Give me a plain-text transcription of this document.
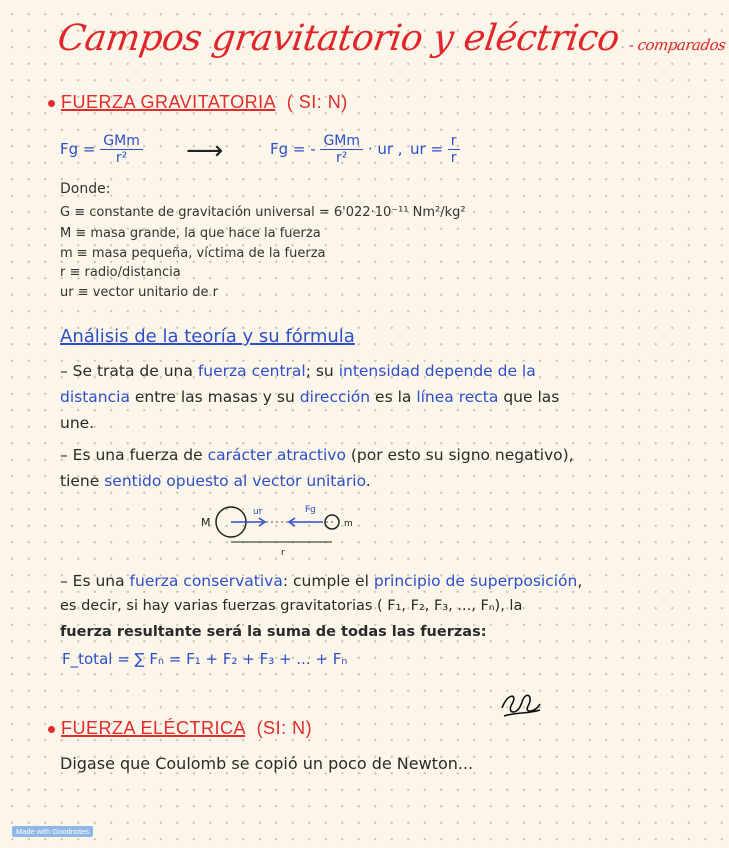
Campos gravitatorio y eléctrico - comparados
FUERZA GRAVITATORIA ( SI: N)
$Fg = \frac{\text{GMm}}{\text{r²}}$ ⟶	Fg = - $\frac{\text{GMm}}{\text{r²}}$ · ur , ur = $\frac{r}{r}$
Donde:
G ≡ constante de gravitación universal = 6'022·10⁻¹¹ Nm²/kg²
M ≡ masa grande, la que hace la fuerza
m ≡ masa pequeña, víctima de la fuerza
r ≡ radio/distancia
ur ≡ vector unitario de r
Análisis de la teoría y su fórmula
– Se trata de una fuerza central; su intensidad depende de la
distancia entre las masas y su dirección es la línea recta que las
une.
– Es una fuerza de carácter atractivo (por esto su signo negativo),
tiene sentido opuesto al vector unitario.
M
ur	Fg
m
r
– Es una fuerza conservativa: cumple el principio de superposición,
es decir, si hay varias fuerzas gravitatorias ( F₁, F₂, F₃, ..., Fₙ), la
fuerza resultante será la suma de todas las fuerzas:
F_total = ∑ Fₙ = F₁ + F₂ + F₃ + ... + Fₙ
FUERZA ELÉCTRICA (SI: N)
Digase que Coulomb se copió un poco de Newton...
Made with Goodnotes
